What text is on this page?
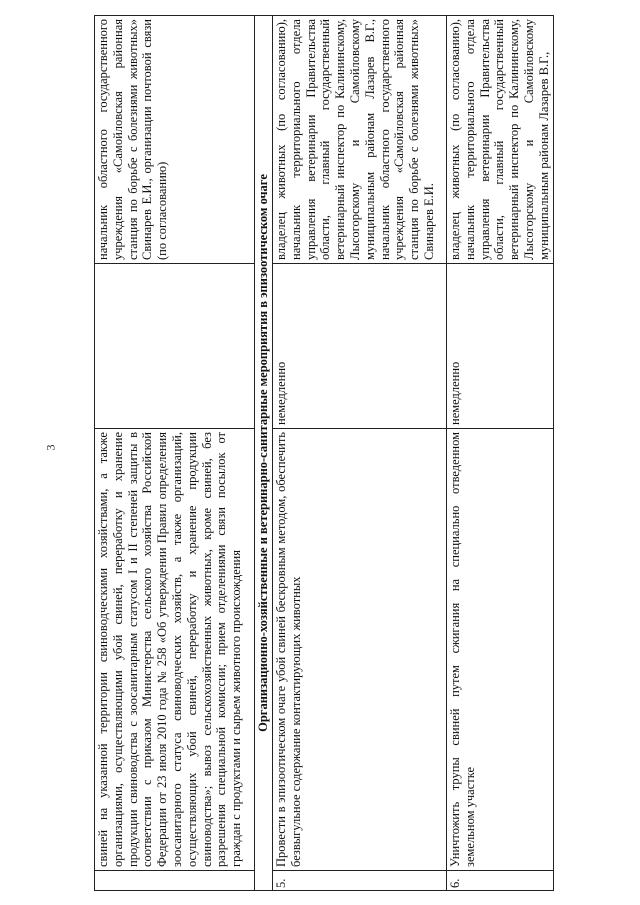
3
		свиней на указанной территории свиноводческими хозяйствами, а также организациями, осуществляющими убой свиней, переработку и хранение продукции свиноводства с зоосанитарным статусом I и II степеней защиты в соответствии с приказом Министерства сельского хозяйства Российской Федерации от 23 июля 2010 года № 258 «Об утверждении Правил определения зоосанитарного статуса свиноводческих хозяйств, а также организаций, осуществляющих убой свиней, переработку и хранение продукции свиноводства»; вывоз сельскохозяйственных животных, кроме свиней, без разрешения специальной комиссии; прием отделениями связи посылок от граждан с продуктами и сырьем животного происхождения		начальник областного государственного учреждения «Самойловская районная станция по борьбе с болезнями животных» Свинарев Е.И., организации почтовой связи (по согласованию)
Организационно-хозяйственные и ветеринарно-санитарные мероприятия в эпизоотическом очаге			
5.	Провести в эпизоотическом очаге убой свиней бескровным методом, обеспечить безвыгульное содержание контактирующих животных	немедленно	владелец животных (по согласованию), начальник территориального отдела управления ветеринарии Правительства области, главный государственный ветеринарный инспектор по Калининскому, Лысогорскому и Самойловскому муниципальным районам Лазарев В.Г., начальник областного государственного учреждения «Самойловская районная станция по борьбе с болезнями животных» Свинарев Е.И.
6.	Уничтожить трупы свиней путем сжигания на специально отведенном земельном участке	немедленно	владелец животных (по согласованию), начальник территориального отдела управления ветеринарии Правительства области, главный государственный ветеринарный инспектор по Калининскому, Лысогорскому и Самойловскому муниципальным районам Лазарев В.Г.,
